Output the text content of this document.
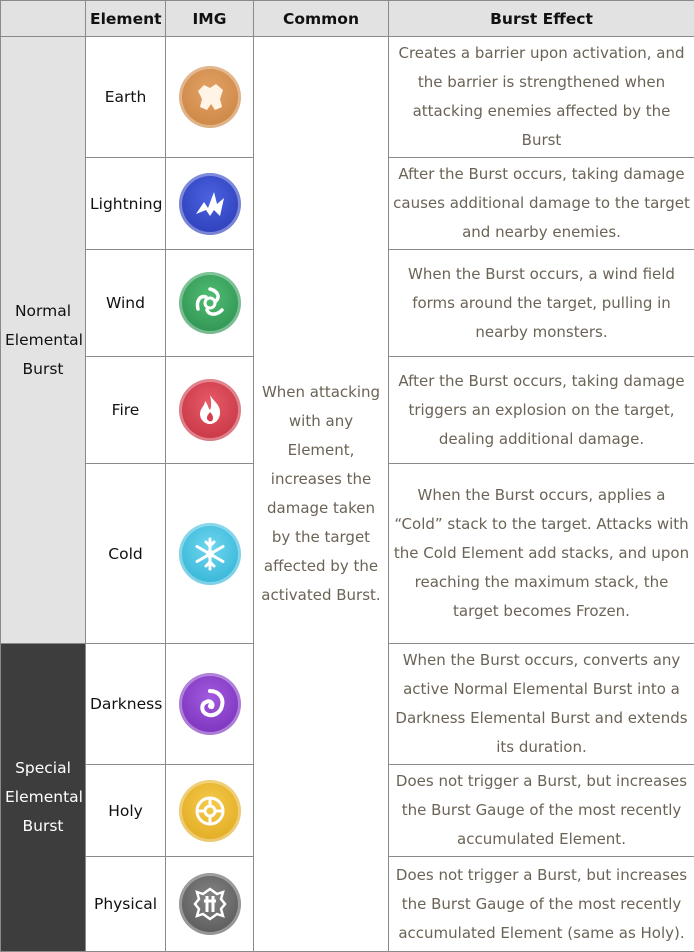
	Element	IMG	Common	Burst Effect
Normal Elemental Burst	Earth		When attacking with any Element, increases the damage taken by the target affected by the activated Burst.	Creates a barrier upon activation, and the barrier is strengthened when attacking enemies affected by the Burst
	Lightning			After the Burst occurs, taking damage causes additional damage to the target and nearby enemies.
	Wind			When the Burst occurs, a wind field forms around the target, pulling in nearby monsters.
	Fire			After the Burst occurs, taking damage triggers an explosion on the target, dealing additional damage.
	Cold			When the Burst occurs, applies a “Cold” stack to the target. Attacks with the Cold Element add stacks, and upon reaching the maximum stack, the target becomes Frozen.
Special Elemental Burst	Darkness			When the Burst occurs, converts any active Normal Elemental Burst into a Darkness Elemental Burst and extends its duration.
	Holy			Does not trigger a Burst, but increases the Burst Gauge of the most recently accumulated Element.
	Physical			Does not trigger a Burst, but increases the Burst Gauge of the most recently accumulated Element (same as Holy).
